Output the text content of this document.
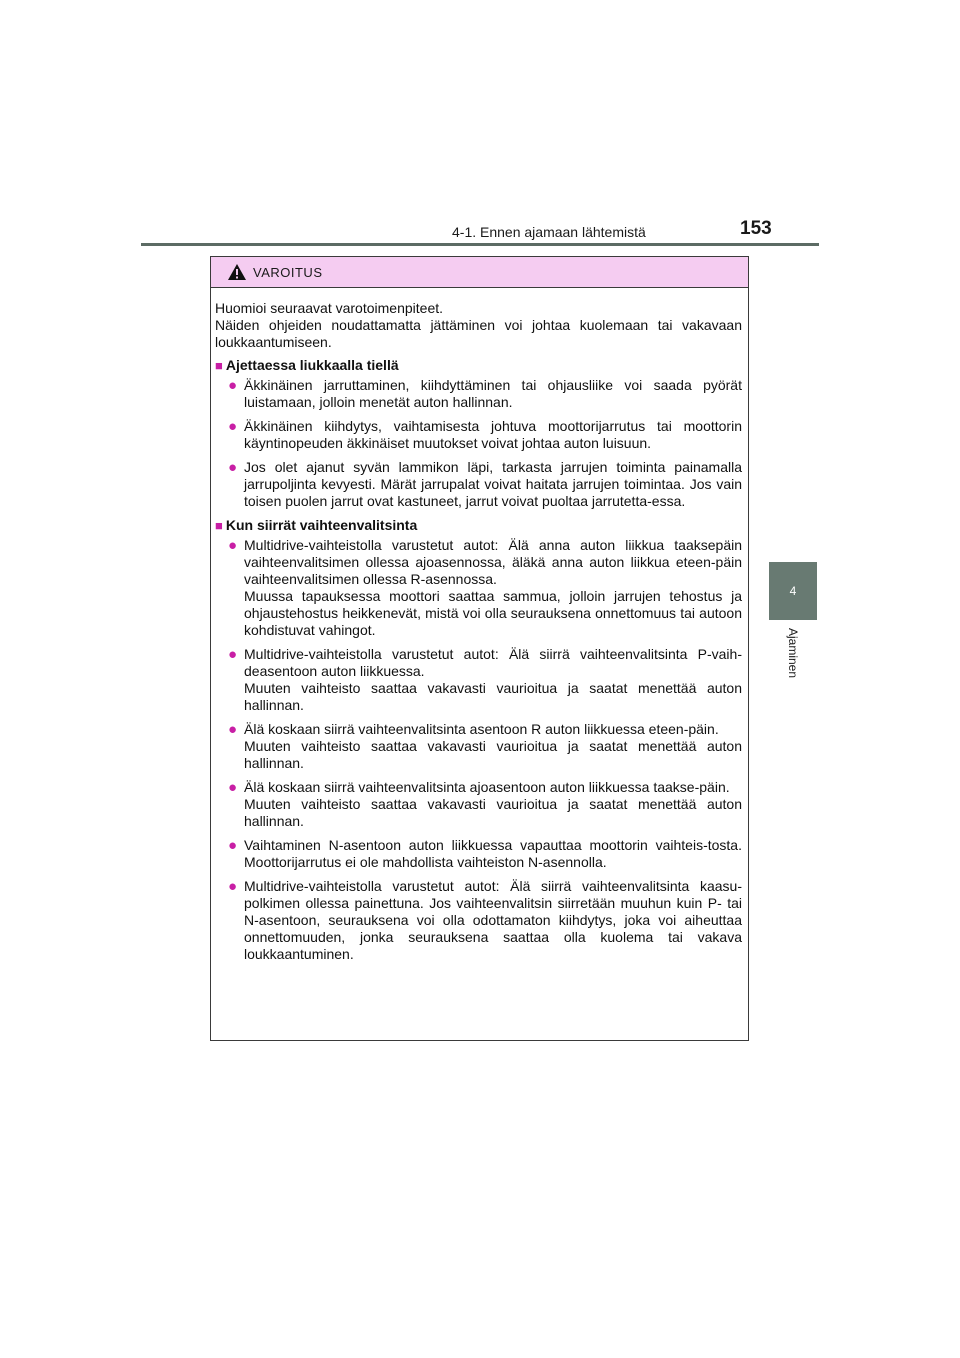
4-1. Ennen ajamaan lähtemistä	153
4
Ajaminen
VAROITUS

Huomioi seuraavat varotoimenpiteet.

Näiden ohjeiden noudattamatta jättäminen voi johtaa kuolemaan tai vakavaan loukkaantumiseen.

■ Ajettaessa liukkaalla tiellä
● Äkkinäinen jarruttaminen, kiihdyttäminen tai ohjausliike voi saada pyörät luistamaan, jolloin menetät auton hallinnan.

● Äkkinäinen kiihdytys, vaihtamisesta johtuva moottorijarrutus tai moottorin käyntinopeuden äkkinäiset muutokset voivat johtaa auton luisuun.

● Jos olet ajanut syvän lammikon läpi, tarkasta jarrujen toiminta painamalla jarrupoljinta kevyesti. Märät jarrupalat voivat haitata jarrujen toimintaa. Jos vain toisen puolen jarrut ovat kastuneet, jarrut voivat puoltaa jarrutetta-essa.

■ Kun siirrät vaihteenvalitsinta
● Multidrive-vaihteistolla varustetut autot: Älä anna auton liikkua taaksepäin vaihteenvalitsimen ollessa ajoasennossa, äläkä anna auton liikkua eteen-päin vaihteenvalitsimen ollessa R-asennossa.

Muussa tapauksessa moottori saattaa sammua, jolloin jarrujen tehostus ja ohjaustehostus heikkenevät, mistä voi olla seurauksena onnettomuus tai autoon kohdistuvat vahingot.

● Multidrive-vaihteistolla varustetut autot: Älä siirrä vaihteenvalitsinta P-vaih-deasentoon auton liikkuessa.

Muuten vaihteisto saattaa vakavasti vaurioitua ja saatat menettää auton hallinnan.

● Älä koskaan siirrä vaihteenvalitsinta asentoon R auton liikkuessa eteen-päin.

Muuten vaihteisto saattaa vakavasti vaurioitua ja saatat menettää auton hallinnan.

● Älä koskaan siirrä vaihteenvalitsinta ajoasentoon auton liikkuessa taakse-päin.

Muuten vaihteisto saattaa vakavasti vaurioitua ja saatat menettää auton hallinnan.

● Vaihtaminen N-asentoon auton liikkuessa vapauttaa moottorin vaihteis-tosta. Moottorijarrutus ei ole mahdollista vaihteiston N-asennolla.

● Multidrive-vaihteistolla varustetut autot: Älä siirrä vaihteenvalitsinta kaasu-polkimen ollessa painettuna. Jos vaihteenvalitsin siirretään muuhun kuin P- tai N-asentoon, seurauksena voi olla odottamaton kiihdytys, joka voi aiheuttaa onnettomuuden, jonka seurauksena saattaa olla kuolema tai vakava loukkaantuminen.
